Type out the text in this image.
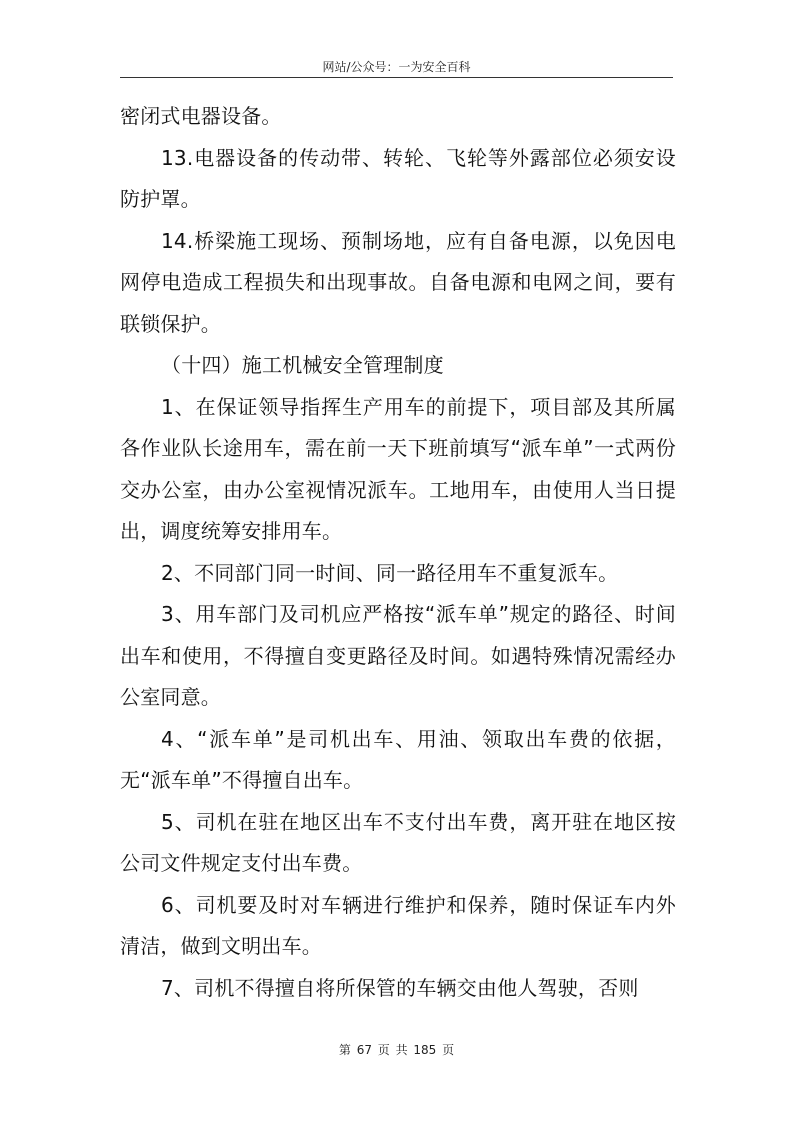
网站/公众号：一为安全百科

密闭式电器设备。

13.电器设备的传动带、转轮、飞轮等外露部位必须安设防护罩。

14.桥梁施工现场、预制场地，应有自备电源，以免因电网停电造成工程损失和出现事故。自备电源和电网之间，要有联锁保护。

（十四）施工机械安全管理制度

1、在保证领导指挥生产用车的前提下，项目部及其所属各作业队长途用车，需在前一天下班前填写“派车单”一式两份交办公室，由办公室视情况派车。工地用车，由使用人当日提出，调度统筹安排用车。

2、不同部门同一时间、同一路径用车不重复派车。

3、用车部门及司机应严格按“派车单”规定的路径、时间出车和使用，不得擅自变更路径及时间。如遇特殊情况需经办公室同意。

4、“派车单”是司机出车、用油、领取出车费的依据，无“派车单”不得擅自出车。

5、司机在驻在地区出车不支付出车费，离开驻在地区按公司文件规定支付出车费。

6、司机要及时对车辆进行维护和保养，随时保证车内外清洁，做到文明出车。

7、司机不得擅自将所保管的车辆交由他人驾驶，否则

第 67 页 共 185 页
